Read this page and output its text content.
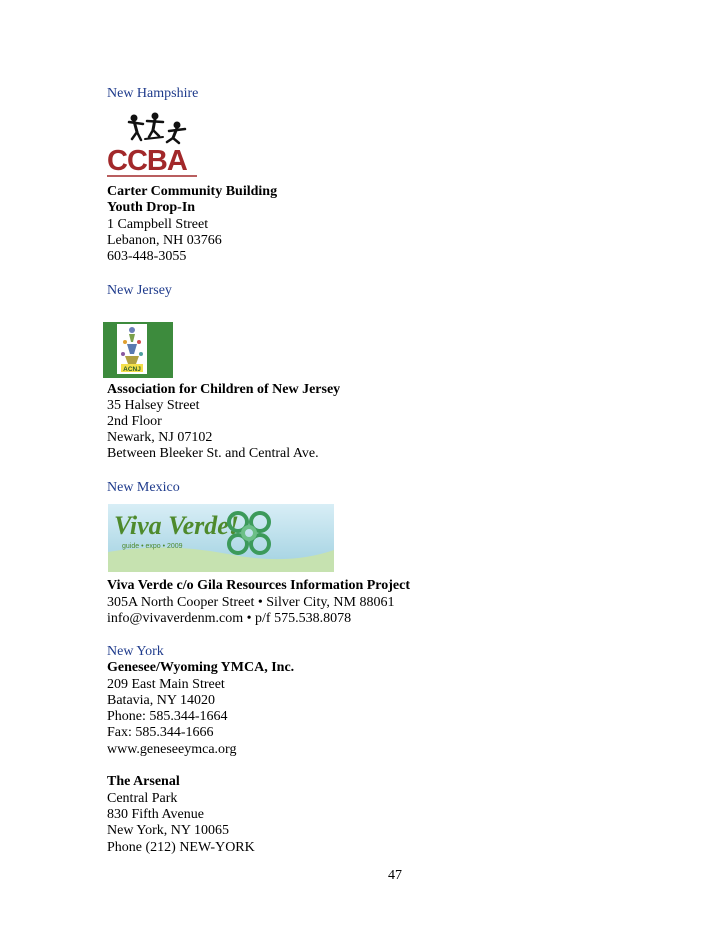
New Hampshire
CCBA
Carter Community Building
Youth Drop-In
1 Campbell Street
Lebanon, NH 03766
603-448-3055
New Jersey
ACNJ
Association for Children of New Jersey
35 Halsey Street
2nd Floor
Newark, NJ 07102
Between Bleeker St. and Central Ave.
New Mexico
Viva Verde!
guide • expo • 2009
Viva Verde c/o Gila Resources Information Project
305A North Cooper Street • Silver City, NM 88061
info@vivaverdenm.com • p/f 575.538.8078
New York
Genesee/Wyoming YMCA, Inc.
209 East Main Street
Batavia, NY 14020
Phone: 585.344-1664
Fax: 585.344-1666
www.geneseeymca.org
The Arsenal
Central Park
830 Fifth Avenue
New York, NY 10065
Phone (212) NEW-YORK
47
